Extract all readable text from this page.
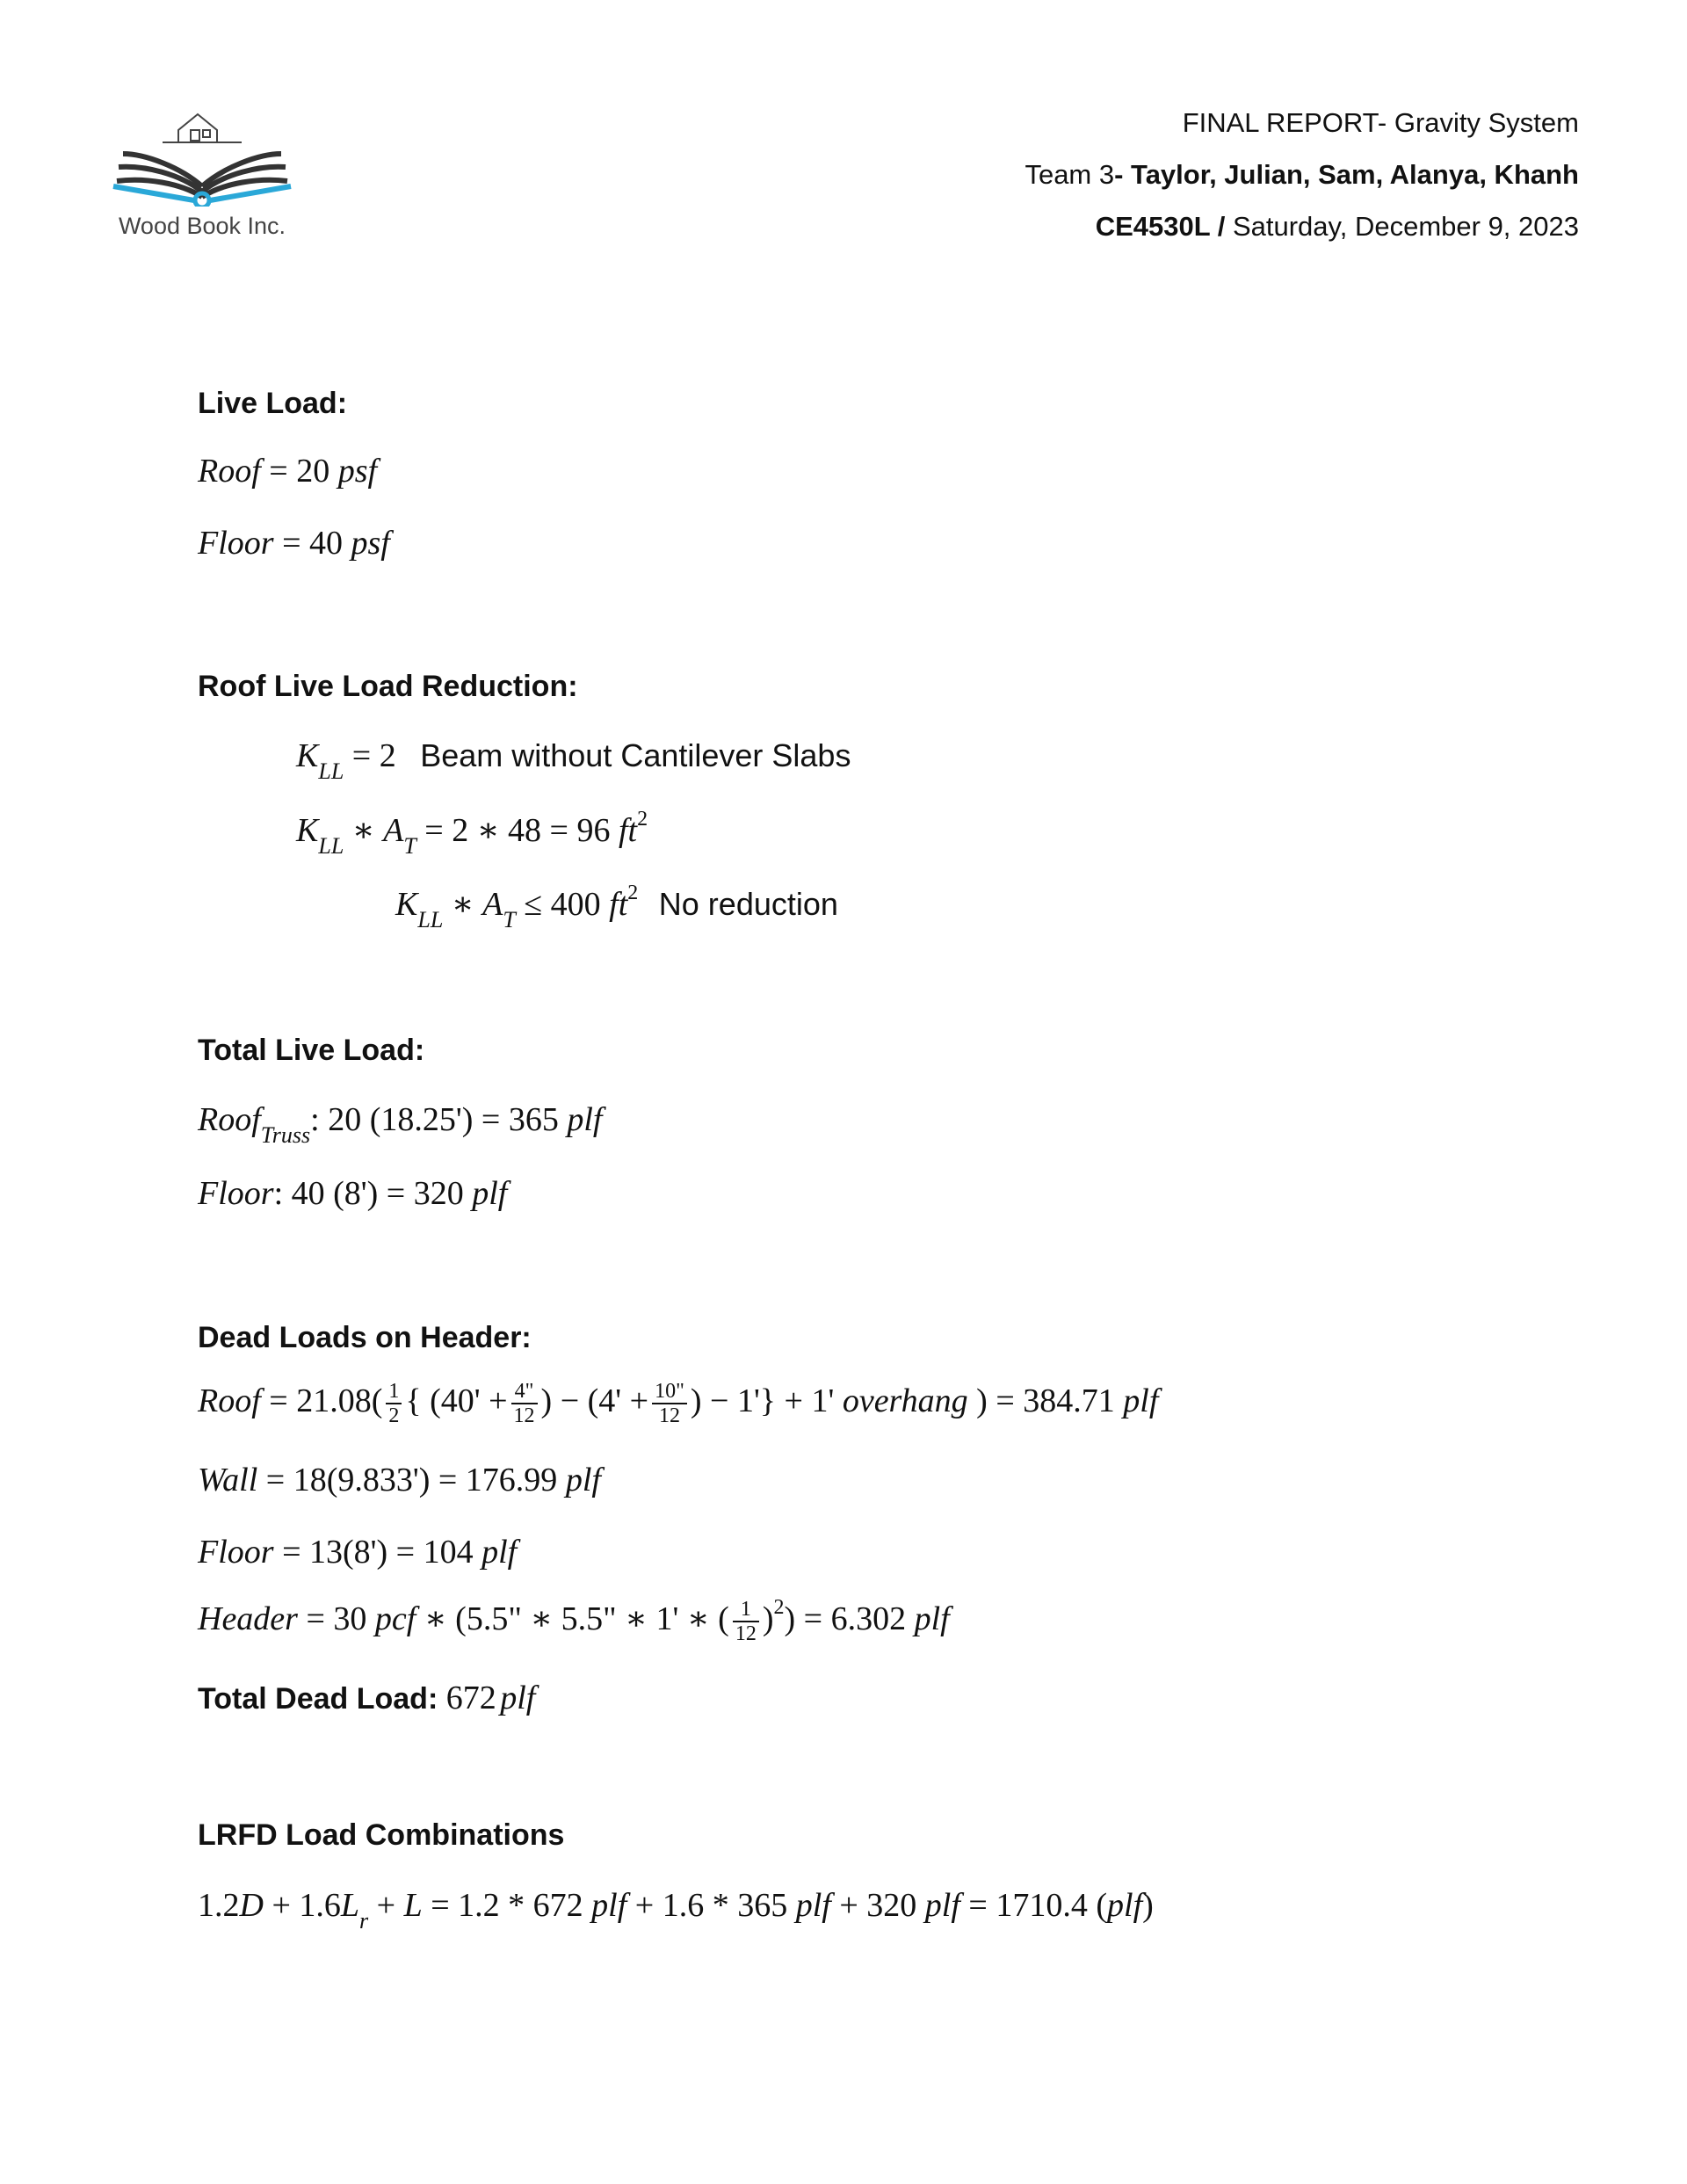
Wood Book Inc.
FINAL REPORT- Gravity System
Team 3- Taylor, Julian, Sam, Alanya, Khanh
CE4530L / Saturday, December 9, 2023
Live Load:
Roof = 20 psf
Floor = 40 psf
Roof Live Load Reduction:
$K_{LL} = 2$ Beam without Cantilever Slabs
$K_{LL}$ ∗ $A_T = 2$ ∗ 48 = 96 $ft^2$
$K_{LL}$ ∗ $A_T \le 400$ $ft^2$ No reduction
Total Live Load:
Roof$_{Truss}$: 20 (18.25') = 365 plf
Floor: 40 (8') = 320 plf
Dead Loads on Header:
Roof = $21.08( \frac{1}{2}$ { ($40' + \frac{4"}{12}$ ) − ($4' + \frac{10"}{12}$ ) − 1'} + 1' overhang ) = 384.71 plf
Wall = 18(9.833') = 176.99 plf
Floor = 13(8') = 104 plf
Header = 30 pcf ∗ (5.5" ∗ 5.5" ∗ 1' ∗ ( $\frac{1}{12} )^2) = 6.302$ plf
Total Dead Load: 672 plf
LRFD Load Combinations
$1.2D + 1.6L_r + L = 1.2 * 672$ plf + 1.6 * 365 plf + 320 plf = 1710.4 (plf)
